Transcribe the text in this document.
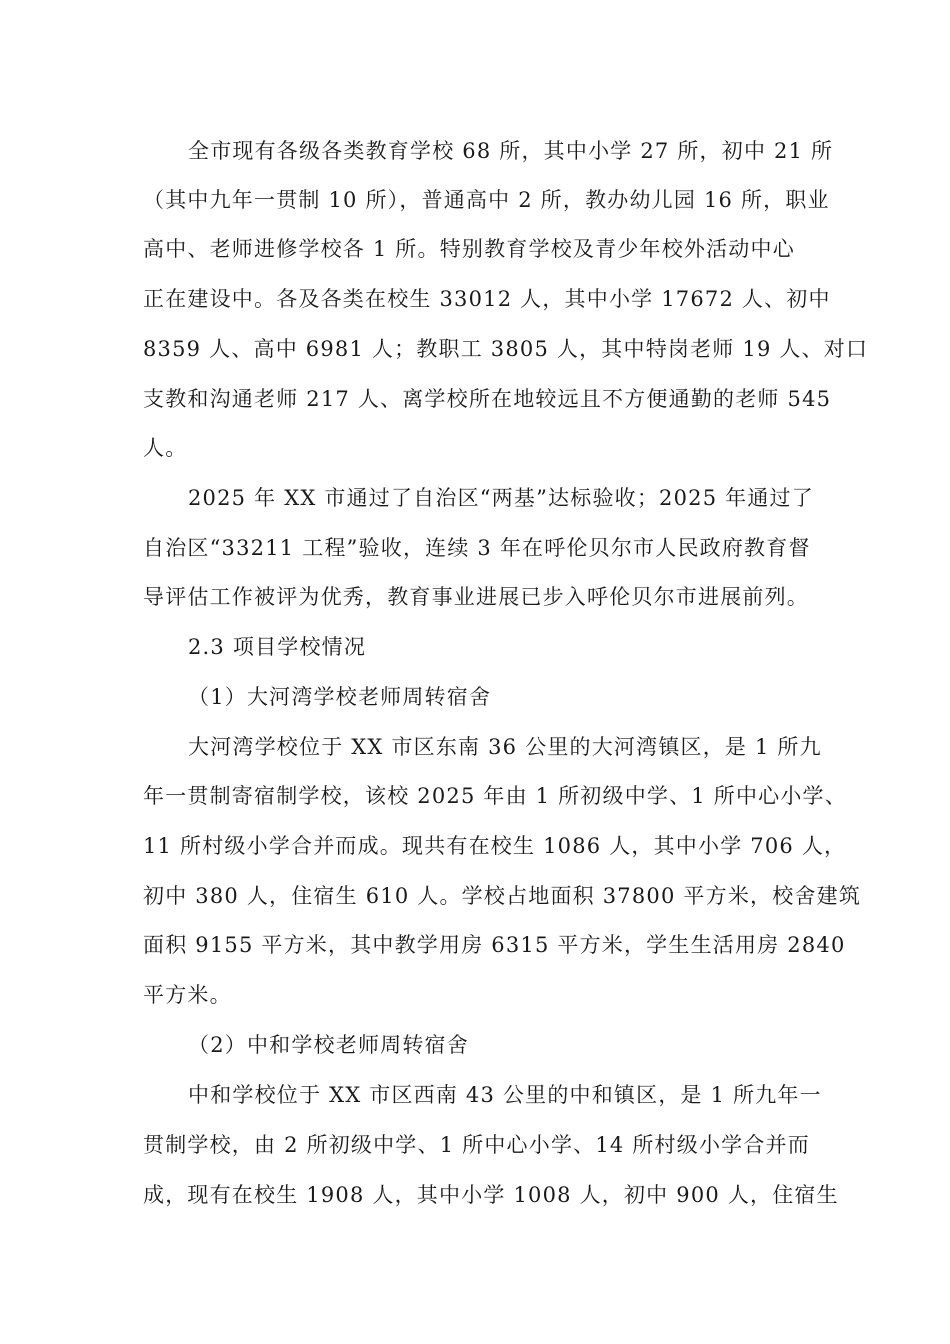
全市现有各级各类教育学校 68 所，其中小学 27 所，初中 21 所
（其中九年一贯制 10 所），普通高中 2 所，教办幼儿园 16 所，职业
高中、老师进修学校各 1 所。特别教育学校及青少年校外活动中心
正在建设中。各及各类在校生 33012 人，其中小学 17672 人、初中
8359 人、高中 6981 人；教职工 3805 人，其中特岗老师 19 人、对口
支教和沟通老师 217 人、离学校所在地较远且不方便通勤的老师 545
人。
2025 年 XX 市通过了自治区“两基”达标验收；2025 年通过了
自治区“33211 工程”验收，连续 3 年在呼伦贝尔市人民政府教育督
导评估工作被评为优秀，教育事业进展已步入呼伦贝尔市进展前列。
2.3 项目学校情况
（1）大河湾学校老师周转宿舍
大河湾学校位于 XX 市区东南 36 公里的大河湾镇区，是 1 所九
年一贯制寄宿制学校，该校 2025 年由 1 所初级中学、1 所中心小学、
11 所村级小学合并而成。现共有在校生 1086 人，其中小学 706 人，
初中 380 人，住宿生 610 人。学校占地面积 37800 平方米，校舍建筑
面积 9155 平方米，其中教学用房 6315 平方米，学生生活用房 2840
平方米。
（2）中和学校老师周转宿舍
中和学校位于 XX 市区西南 43 公里的中和镇区，是 1 所九年一
贯制学校，由 2 所初级中学、1 所中心小学、14 所村级小学合并而
成，现有在校生 1908 人，其中小学 1008 人，初中 900 人，住宿生
